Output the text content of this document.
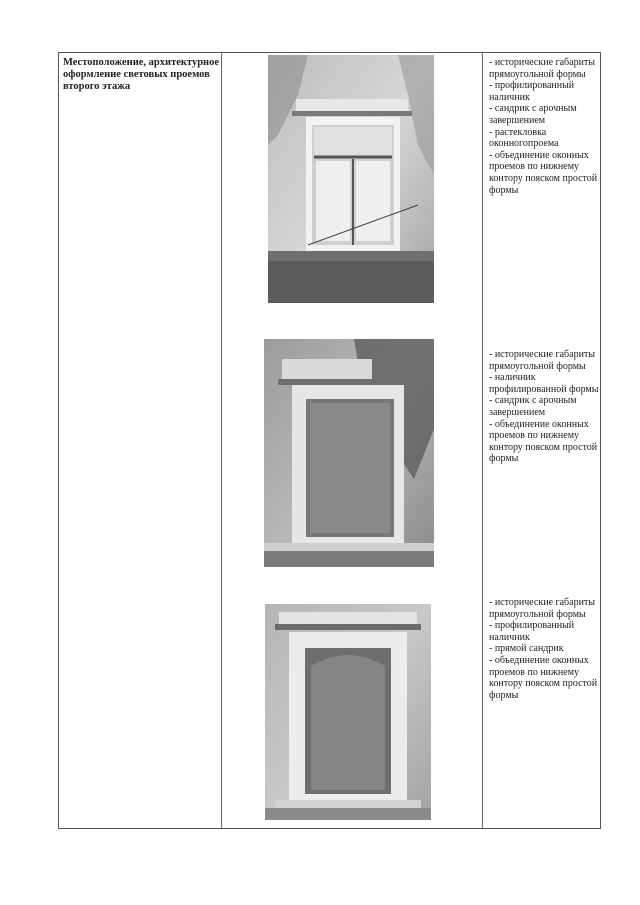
Местоположение, архитектурное оформление световых проемов второго этажа
- исторические габариты прямоугольной формы
- профилированный наличник
- сандрик с арочным завершением
- растекловка оконногопроема
- объединение оконных проемов по нижнему контору пояском простой формы
- исторические габариты прямоугольной формы
- наличник профилированной формы
- сандрик с арочным завершением
- объединение оконных проемов по нижнему контору пояском простой формы
- исторические габариты прямоугольной формы
- профилированный наличник
- прямой сандрик
- объединение оконных проемов по нижнему контору пояском простой формы
